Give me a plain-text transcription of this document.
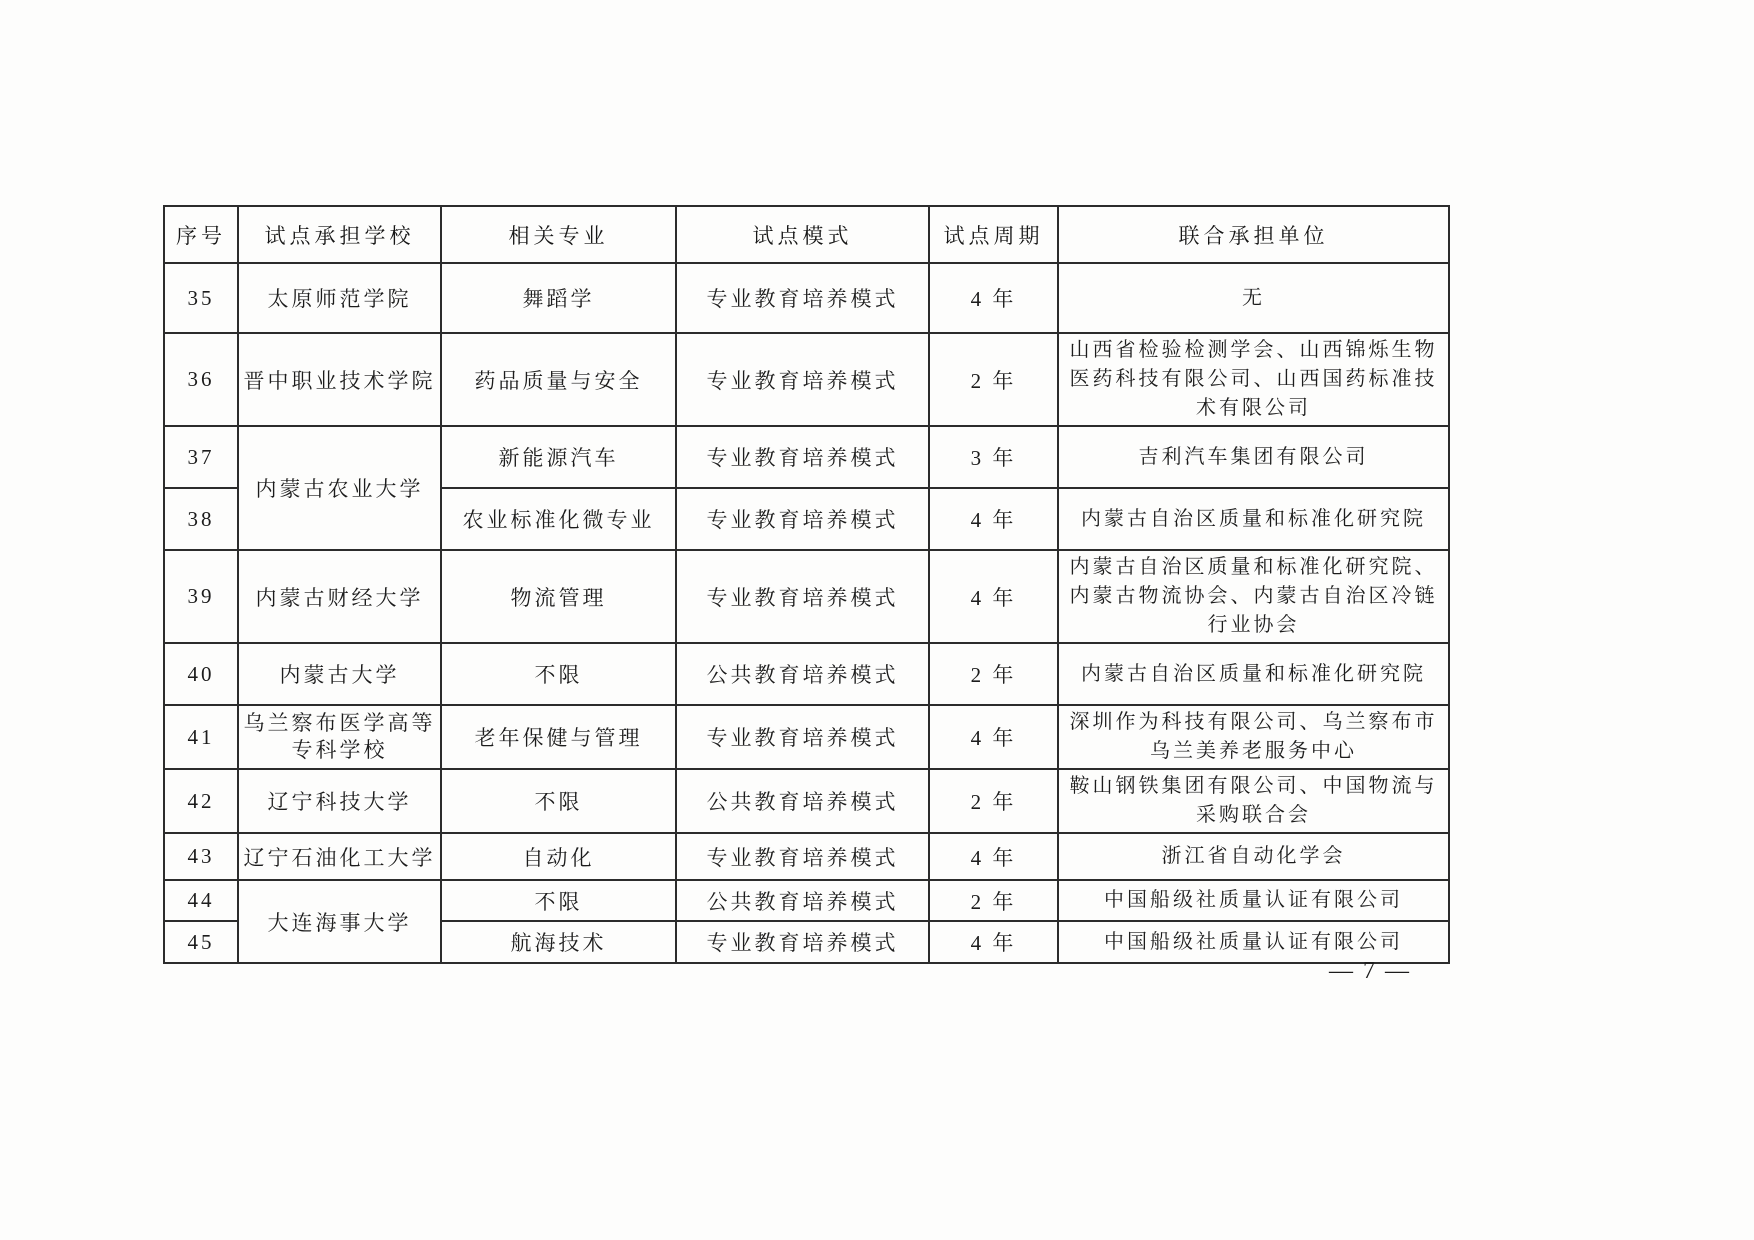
序号	试点承担学校	相关专业	试点模式	试点周期	联合承担单位
35	太原师范学院	舞蹈学	专业教育培养模式	4 年	无
36	晋中职业技术学院	药品质量与安全	专业教育培养模式	2 年	山西省检验检测学会、山西锦烁生物医药科技有限公司、山西国药标准技术有限公司
37	内蒙古农业大学	新能源汽车	专业教育培养模式	3 年	吉利汽车集团有限公司
38		农业标准化微专业	专业教育培养模式	4 年	内蒙古自治区质量和标准化研究院
39	内蒙古财经大学	物流管理	专业教育培养模式	4 年	内蒙古自治区质量和标准化研究院、内蒙古物流协会、内蒙古自治区冷链行业协会
40	内蒙古大学	不限	公共教育培养模式	2 年	内蒙古自治区质量和标准化研究院
41	乌兰察布医学高等专科学校	老年保健与管理	专业教育培养模式	4 年	深圳作为科技有限公司、乌兰察布市乌兰美养老服务中心
42	辽宁科技大学	不限	公共教育培养模式	2 年	鞍山钢铁集团有限公司、中国物流与采购联合会
43	辽宁石油化工大学	自动化	专业教育培养模式	4 年	浙江省自动化学会
44	大连海事大学	不限	公共教育培养模式	2 年	中国船级社质量认证有限公司
45		航海技术	专业教育培养模式	4 年	中国船级社质量认证有限公司
— 7 —
